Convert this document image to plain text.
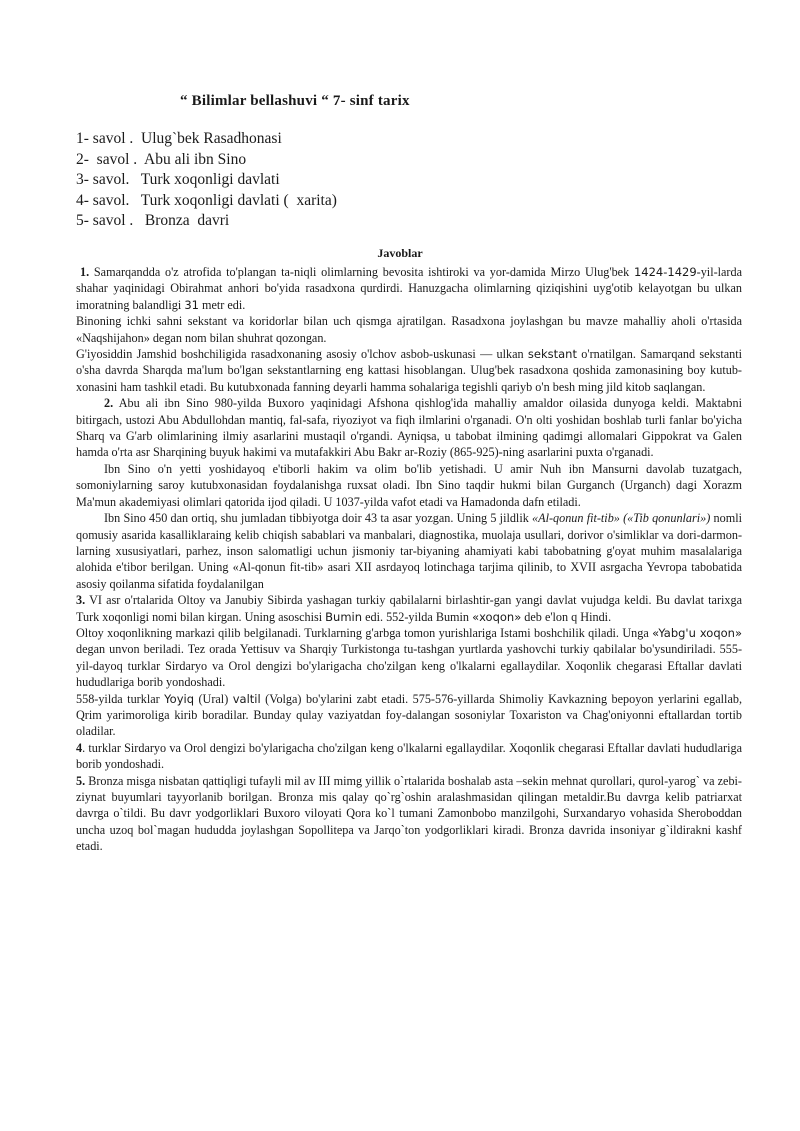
“ Bilimlar bellashuvi “ 7- sinf tarix
1- savol .  Ulug`bek Rasadhonasi
2-  savol .  Abu ali ibn Sino
3- savol.   Turk xoqonligi davlati
4- savol.   Turk xoqonligi davlati (  xarita)
5- savol .   Bronza  davri
Javoblar

1. Samarqandda o'z atrofida to'plangan ta-niqli olimlarning bevosita ishtiroki va yor-damida Mirzo Ulug'bek 1424-1429-yil-larda shahar yaqinidagi Obirahmat anhori bo'yida rasadxona qurdirdi. Hanuzgacha olimlarning qiziqishini uyg'otib kelayotgan bu ulkan imoratning balandligi 31 metr edi.

Binoning ichki sahni sekstant va koridorlar bilan uch qismga ajratilgan. Rasadxona joylashgan bu mavze mahalliy aholi o'rtasida «Naqshijahon» degan nom bilan shuhrat qozongan.

G'iyosiddin Jamshid boshchiligida rasadxonaning asosiy o'lchov asbob-uskunasi — ulkan sekstant o'rnatilgan. Samarqand sekstanti o'sha davrda Sharqda ma'lum bo'lgan sekstantlarning eng kattasi hisoblangan. Ulug'bek rasadxona qoshida zamonasining boy kutub-xonasini ham tashkil etadi. Bu kutubxonada fanning deyarli hamma sohalariga tegishli qariyb o'n besh ming jild kitob saqlangan.

2. Abu ali ibn Sino 980-yilda Buxoro yaqinidagi Afshona qishlog'ida mahalliy amaldor oilasida dunyoga keldi. Maktabni bitirgach, ustozi Abu Abdullohdan mantiq, fal-safa, riyoziyot va fiqh ilmlarini o'rganadi. O'n olti yoshidan boshlab turli fanlar bo'yicha Sharq va G'arb olimlarining ilmiy asarlarini mustaqil o'rgandi. Ayniqsa, u tabobat ilmining qadimgi allomalari Gippokrat va Galen hamda o'rta asr Sharqining buyuk hakimi va mutafakkiri Abu Bakr ar-Roziy (865-925)-ning asarlarini puxta o'rganadi.

Ibn Sino o'n yetti yoshidayoq e'tiborli hakim va olim bo'lib yetishadi. U amir Nuh ibn Mansurni davolab tuzatgach, somoniylarning saroy kutubxonasidan foydalanishga ruxsat oladi. Ibn Sino taqdir hukmi bilan Gurganch (Urganch) dagi Xorazm Ma'mun akademiyasi olimlari qatorida ijod qiladi. U 1037-yilda vafot etadi va Hamadonda dafn etiladi.

Ibn Sino 450 dan ortiq, shu jumladan tibbiyotga doir 43 ta asar yozgan. Uning 5 jildlik «Al-qonun fit-tib» («Tib qonunlari») nomli qomusiy asarida kasalliklaraing kelib chiqish sabablari va manbalari, diagnostika, muolaja usullari, dorivor o'simliklar va dori-darmon-larning xususiyatlari, parhez, inson salomatligi uchun jismoniy tar-biyaning ahamiyati kabi tabobatning g'oyat muhim masalalariga alohida e'tibor berilgan. Uning «Al-qonun fit-tib» asari XII asrdayoq lotinchaga tarjima qilinib, to XVII asrgacha Yevropa tabobatida asosiy qoilanma sifatida foydalanilgan

3. VI asr o'rtalarida Oltoy va Janubiy Sibirda yashagan turkiy qabilalarni birlashtir-gan yangi davlat vujudga keldi. Bu davlat tarixga Turk xoqonligi nomi bilan kirgan. Uning asoschisi Bumin edi. 552-yilda Bumin «xoqon» deb e'lon q Hindi.

Oltoy xoqonlikning markazi qilib belgilanadi. Turklarning g'arbga tomon yurishlariga Istami boshchilik qiladi. Unga «Yabg'u xoqon» degan unvon beriladi. Tez orada Yettisuv va Sharqiy Turkistonga tu-tashgan yurtlarda yashovchi turkiy qabilalar bo'ysundiriladi. 555-yil-dayoq turklar Sirdaryo va Orol dengizi bo'ylarigacha cho'zilgan keng o'lkalarni egallaydilar. Xoqonlik chegarasi Eftallar davlati hududlariga borib yondoshadi.

558-yilda turklar Yoyiq (Ural) valtil (Volga) bo'ylarini zabt etadi. 575-576-yillarda Shimoliy Kavkazning bepoyon yerlarini egallab, Qrim yarimoroliga kirib boradilar. Bunday qulay vaziyatdan foy-dalangan sosoniylar Toxariston va Chag'oniyonni eftallardan tortib oladilar.

4. turklar Sirdaryo va Orol dengizi bo'ylarigacha cho'zilgan keng o'lkalarni egallaydilar. Xoqonlik chegarasi Eftallar davlati hududlariga borib yondoshadi.

5. Bronza misga nisbatan qattiqligi tufayli mil av III mimg yillik o`rtalarida boshalab asta –sekin mehnat qurollari, qurol-yarog` va zebi-ziynat buyumlari tayyorlanib borilgan. Bronza mis qalay qo`rg`oshin aralashmasidan qilingan metaldir.Bu davrga kelib patriarxat davrga o`tildi. Bu davr yodgorliklari Buxoro viloyati Qora ko`l tumani Zamonbobo manzilgohi, Surxandaryo vohasida Sheroboddan uncha uzoq bol`magan hududda joylashgan Sopollitepa va Jarqo`ton yodgorliklari kiradi. Bronza davrida insoniyar g`ildirakni kashf etadi.
